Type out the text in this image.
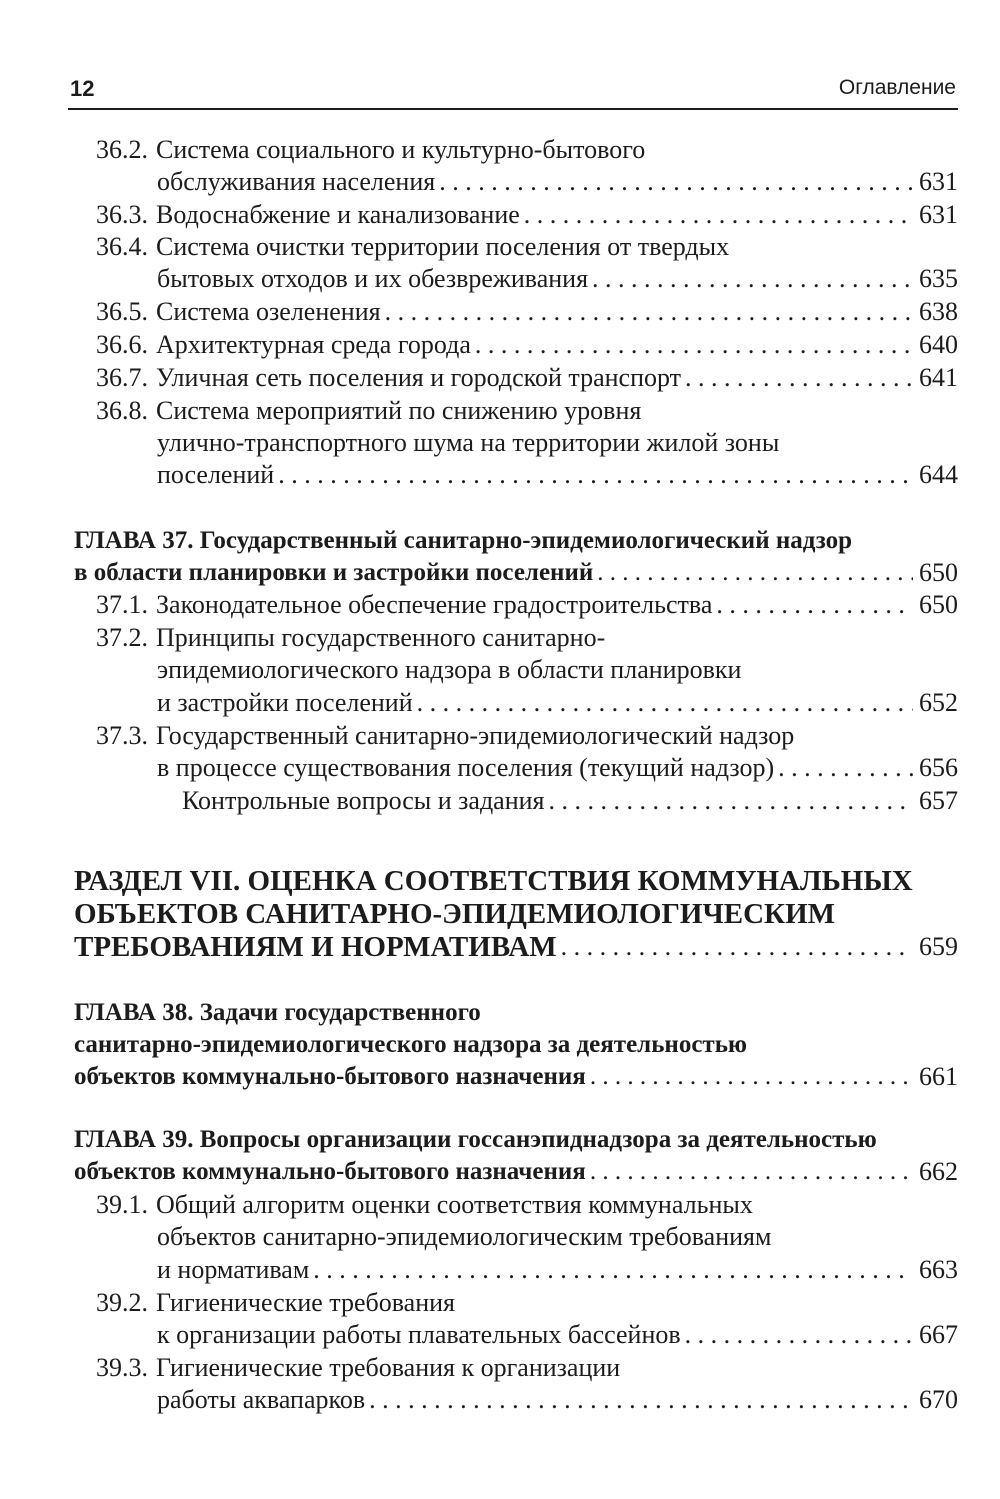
12	Оглавление
36.2. Система социального и культурно-бытового
обслуживания населения . . .	631
36.3. Водоснабжение и канализование . . .	631
36.4. Система очистки территории поселения от твердых
бытовых отходов и их обезвреживания . . .	635
36.5. Система озеленения . . .	638
36.6. Архитектурная среда города . . .	640
36.7. Уличная сеть поселения и городской транспорт . . .	641
36.8. Система мероприятий по снижению уровня
улично-транспортного шума на территории жилой зоны
поселений . . .	644
ГЛАВА 37. Государственный санитарно-эпидемиологический надзор
в области планировки и застройки поселений . . .	650
37.1. Законодательное обеспечение градостроительства . . .	650
37.2. Принципы государственного санитарно-
эпидемиологического надзора в области планировки
и застройки поселений . . .	652
37.3. Государственный санитарно-эпидемиологический надзор
в процессе существования поселения (текущий надзор) . . .	656
Контрольные вопросы и задания . . .	657
РАЗДЕЛ VII. ОЦЕНКА СООТВЕТСТВИЯ КОММУНАЛЬНЫХ
ОБЪЕКТОВ САНИТАРНО-ЭПИДЕМИОЛОГИЧЕСКИМ
ТРЕБОВАНИЯМ И НОРМАТИВАМ . . .	659
ГЛАВА 38. Задачи государственного
санитарно-эпидемиологического надзора за деятельностью
объектов коммунально-бытового назначения . . .	661
ГЛАВА 39. Вопросы организации госсанэпиднадзора за деятельностью
объектов коммунально-бытового назначения . . .	662
39.1. Общий алгоритм оценки соответствия коммунальных
объектов санитарно-эпидемиологическим требованиям
и нормативам . . .	663
39.2. Гигиенические требования
к организации работы плавательных бассейнов . . .	667
39.3. Гигиенические требования к организации
работы аквапарков . . .	670
